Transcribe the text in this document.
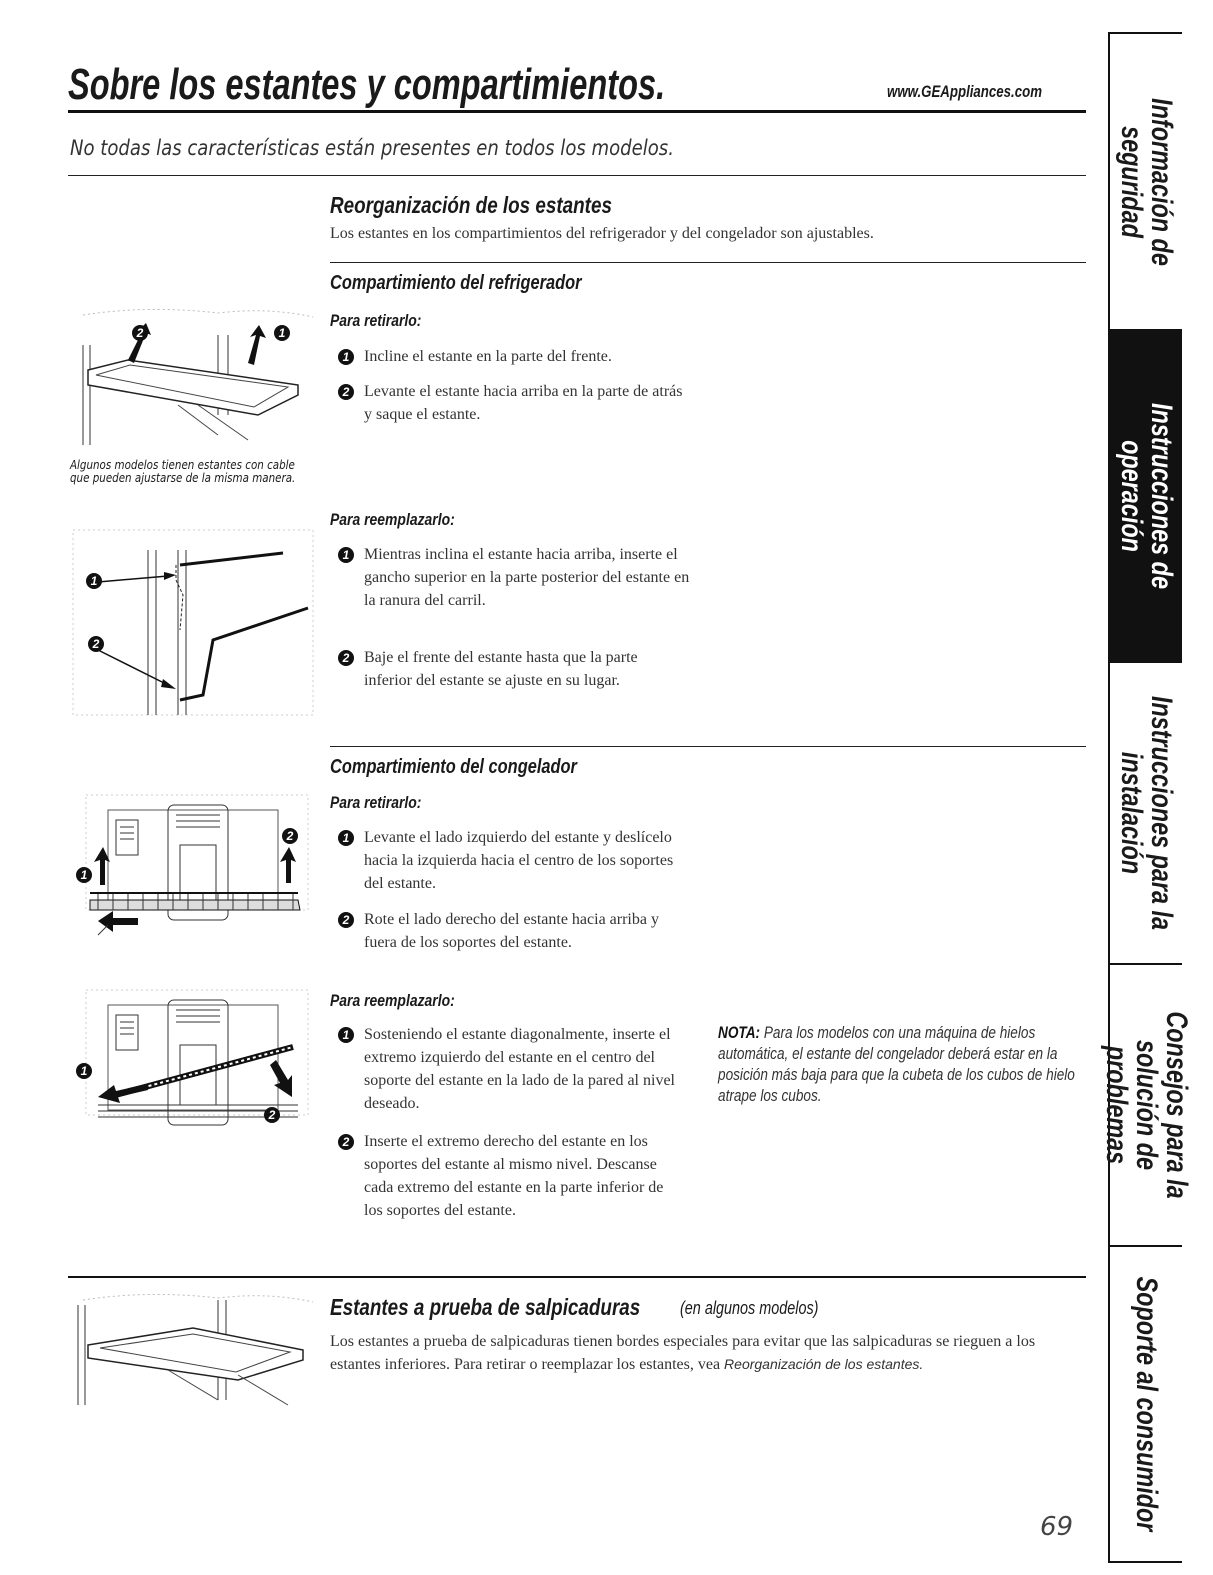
Sobre los estantes y compartimientos.	www.GEAppliances.com
No todas las características están presentes en todos los modelos.
Reorganización de los estantes
Los estantes en los compartimientos del refrigerador y del congelador son ajustables.
Compartimiento del refrigerador
Para retirarlo:
1 Incline el estante en la parte del frente.
2 Levante el estante hacia arriba en la parte de atrás y saque el estante.
2	1
Algunos modelos tienen estantes con cable que pueden ajustarse de la misma manera.
Para reemplazarlo:
1 Mientras inclina el estante hacia arriba, inserte el gancho superior en la parte posterior del estante en la ranura del carril.
2 Baje el frente del estante hasta que la parte inferior del estante se ajuste en su lugar.
1
2
Compartimiento del congelador
Para retirarlo:
1 Levante el lado izquierdo del estante y deslícelo hacia la izquierda hacia el centro de los soportes del estante.
2 Rote el lado derecho del estante hacia arriba y fuera de los soportes del estante.
1
2
Para reemplazarlo:
1 Sosteniendo el estante diagonalmente, inserte el extremo izquierdo del estante en el centro del soporte del estante en la lado de la pared al nivel deseado.
2 Inserte el extremo derecho del estante en los soportes del estante al mismo nivel. Descanse cada extremo del estante en la parte inferior de los soportes del estante.
NOTA: Para los modelos con una máquina de hielos automática, el estante del congelador deberá estar en la posición más baja para que la cubeta de los cubos de hielo atrape los cubos.
1
2
Estantes a prueba de salpicaduras	(en algunos modelos)
Los estantes a prueba de salpicaduras tienen bordes especiales para evitar que las salpicaduras se rieguen a los estantes inferiores. Para retirar o reemplazar los estantes, vea Reorganización de los estantes.
69
Información de seguridad
Instrucciones de operación
Instrucciones para la instalación
Consejos para la solución de problemas
Soporte al consumidor
